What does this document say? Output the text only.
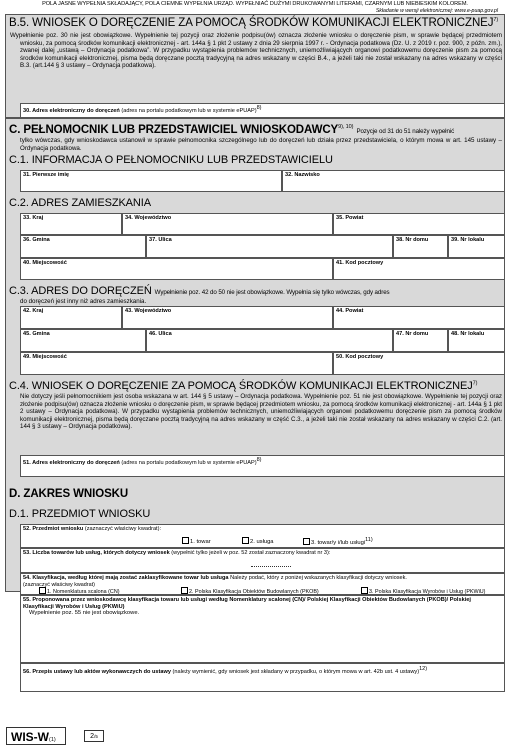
POLA JASNE WYPEŁNIA SKŁADAJĄCY, POLA CIEMNE WYPEŁNIA URZĄD. WYPEŁNIAĆ DUŻYMI DRUKOWANYMI LITERAMI, CZARNYM LUB NIEBIESKIM KOLOREM.
Składanie w wersji elektronicznej: www.e-puap.gov.pl
B.5. WNIOSEK O DORĘCZENIE ZA POMOCĄ ŚRODKÓW KOMUNIKACJI ELEKTRONICZNEJ$^{7)}$
Wypełnienie poz. 30 nie jest obowiązkowe. Wypełnienie tej pozycji oraz złożenie podpisu(ów) oznacza złożenie wniosku o doręczenie pism, w sprawie będącej przedmiotem wniosku, za pomocą środków komunikacji elektronicznej - art. 144a § 1 pkt 2 ustawy z dnia 29 sierpnia 1997 r. - Ordynacja podatkowa (Dz. U. z 2019 r. poz. 900, z późn. zm.), zwanej dalej „ustawą – Ordynacja podatkowa”. W przypadku wystąpienia problemów technicznych, uniemożliwiających organowi podatkowemu doręczenie pism za pomocą środków komunikacji elektronicznej, pisma będą doręczane pocztą tradycyjną na adres wskazany w części B.4., a jeżeli taki nie został wskazany na adres wskazany w części B.3. (art.144 § 3 ustawy – Ordynacja podatkowa).
30. Adres elektroniczny do doręczeń (adres na portalu podatkowym lub w systemie ePUAP)8)
C. PEŁNOMOCNIK LUB PRZEDSTAWICIEL $WNIOSKODAWCY^{9), 10)}$ Pozycje od 31 do 51 należy wypełnić
tylko wówczas, gdy wnioskodawca ustanowił w sprawie pełnomocnika szczególnego lub do doręczeń lub działa przez przedstawiciela, o którym mowa w art. 145 ustawy – Ordynacja podatkowa.
C.1. INFORMACJA O PEŁNOMOCNIKU LUB PRZEDSTAWICIELU
31. Pierwsze imię	32. Nazwisko
C.2. ADRES ZAMIESZKANIA
33. Kraj	34. Województwo	35. Powiat
36. Gmina	37. Ulica	38. Nr domu	39. Nr lokalu
40. Miejscowość	41. Kod pocztowy
C.3. ADRES DO DORĘCZEŃ Wypełnienie poz. 42 do 50 nie jest obowiązkowe. Wypełnia się tylko wówczas, gdy adres
do doręczeń jest inny niż adres zamieszkania.
42. Kraj	43. Województwo	44. Powiat
45. Gmina	46. Ulica	47. Nr domu	48. Nr lokalu
49. Miejscowość	50. Kod pocztowy
C.4. WNIOSEK O DORĘCZENIE ZA POMOCĄ ŚRODKÓW KOMUNIKACJI ELEKTRONICZNEJ$^{7)}$
Nie dotyczy jeśli pełnomocnikiem jest osoba wskazana w art. 144 § 5 ustawy – Ordynacja podatkowa. Wypełnienie poz. 51 nie jest obowiązkowe. Wypełnienie tej pozycji oraz złożenie podpisu(ów) oznacza złożenie wniosku o doręczenie pism, w sprawie będącej przedmiotem wniosku, za pomocą środków komunikacji elektronicznej - art. 144a § 1 pkt 2 ustawy – Ordynacja podatkowa). W przypadku wystąpienia problemów technicznych, uniemożliwiających organowi podatkowemu doręczenie pism za pomocą środków komunikacji elektronicznej, pisma będą doręczane pocztą tradycyjną na adres wskazany w część C.3., a jeżeli taki nie został wskazany na adres wskazany w części C.2. (art. 144 § 3 ustawy – Ordynacja podatkowa).
51. Adres elektroniczny do doręczeń (adres na portalu podatkowym lub w systemie ePUAP)8)
D. ZAKRES WNIOSKU
D.1. PRZEDMIOT WNIOSKU
52. Przedmiot wniosku (zaznaczyć właściwy kwadrat):
1. towar	2. usługa	3. towar/y i/lub usługi11)
53. Liczba towarów lub usług, których dotyczy wniosek (wypełnić tylko jeżeli w poz. 52 został zaznaczony kwadrat nr 3):
54. Klasyfikacja, według której mają zostać zaklasyfikowane towar lub usługa Należy podać, który z poniżej wskazanych klasyfikacji dotyczy wniosek.
(zaznaczyć właściwy kwadrat)
1. Nomenklatura scalona (CN)	2. Polska Klasyfikacja Obiektów Budowlanych (PKOB)	3. Polska Klasyfikacja Wyrobów i Usług (PKWiU)
55. Proponowana przez wnioskodawcę klasyfikacja towaru lub usługi według Nomenklatury scalonej (CN)/ Polskiej Klasyfikacji Obiektów Budowlanych (PKOB)/ Polskiej Klasyfikacji Wyrobów i Usług (PKWiU)
Wypełnienie poz. 55 nie jest obowiązkowe.
56. Przepis ustawy lub aktów wykonawczych do ustawy (należy wymienić, gdy wniosek jest składany w przypadku, o którym mowa w art. 42b ust. 4 ustawy)12)
WIS-W(1)	2/5
